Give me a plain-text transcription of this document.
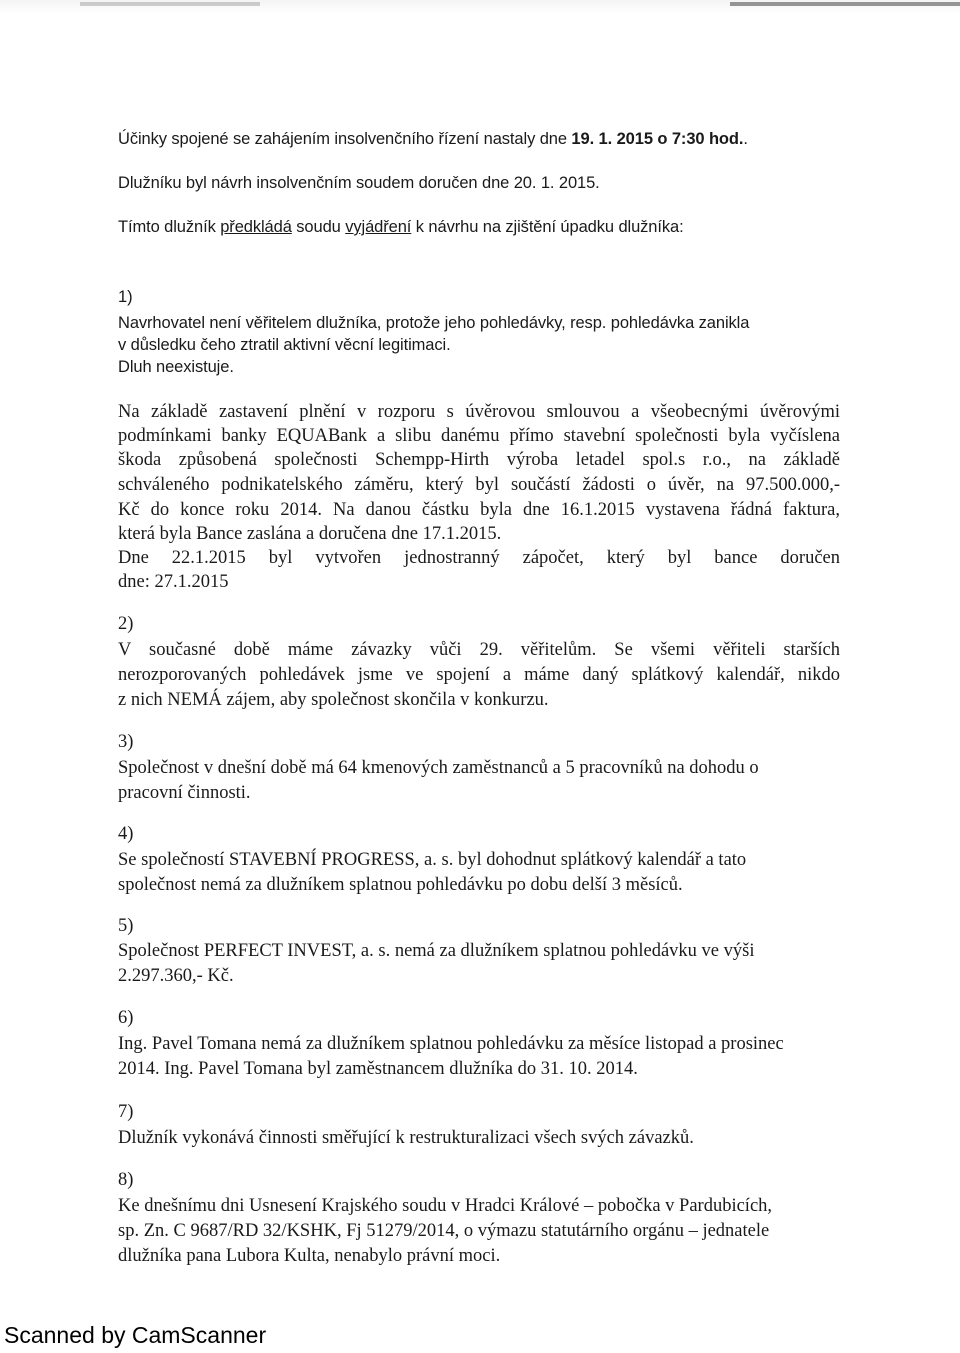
Účinky spojené se zahájením insolvenčního řízení nastaly dne 19. 1. 2015 o 7:30 hod..
Dlužníku byl návrh insolvenčním soudem doručen dne 20. 1. 2015.
Tímto dlužník předkládá soudu vyjádření k návrhu na zjištění úpadku dlužníka:
1)
Navrhovatel není věřitelem dlužníka, protože jeho pohledávky, resp. pohledávka zanikla
v důsledku čeho ztratil aktivní věcní legitimaci.
Dluh neexistuje.
Na základě zastavení plnění v rozporu s úvěrovou smlouvou a všeobecnými úvěrovými
podmínkami banky EQUABank a slibu danému přímo stavební společnosti byla vyčíslena
škoda způsobená společnosti Schempp-Hirth výroba letadel spol.s r.o., na základě
schváleného podnikatelského záměru, který byl součástí žádosti o úvěr, na 97.500.000,-
Kč do konce roku 2014. Na danou částku byla dne 16.1.2015 vystavena řádná faktura,
která byla Bance zaslána a doručena dne 17.1.2015.
Dne 22.1.2015 byl vytvořen jednostranný zápočet, který byl bance doručen
dne: 27.1.2015
2)
V současné době máme závazky vůči 29. věřitelům. Se všemi věřiteli starších
nerozporovaných pohledávek jsme ve spojení a máme daný splátkový kalendář, nikdo
z nich NEMÁ zájem, aby společnost skončila v konkurzu.
3)
Společnost v dnešní době má 64 kmenových zaměstnanců a 5 pracovníků na dohodu o
pracovní činnosti.
4)
Se společností STAVEBNÍ PROGRESS, a. s. byl dohodnut splátkový kalendář a tato
společnost nemá za dlužníkem splatnou pohledávku po dobu delší 3 měsíců.
5)
Společnost PERFECT INVEST, a. s. nemá za dlužníkem splatnou pohledávku ve výši
2.297.360,- Kč.
6)
Ing. Pavel Tomana nemá za dlužníkem splatnou pohledávku za měsíce listopad a prosinec
2014. Ing. Pavel Tomana byl zaměstnancem dlužníka do 31. 10. 2014.
7)
Dlužník vykonává činnosti směřující k restrukturalizaci všech svých závazků.
8)
Ke dnešnímu dni Usnesení Krajského soudu v Hradci Králové – pobočka v Pardubicích,
sp. Zn. C 9687/RD 32/KSHK, Fj 51279/2014, o výmazu statutárního orgánu – jednatele
dlužníka pana Lubora Kulta, nenabylo právní moci.
Scanned by CamScanner
